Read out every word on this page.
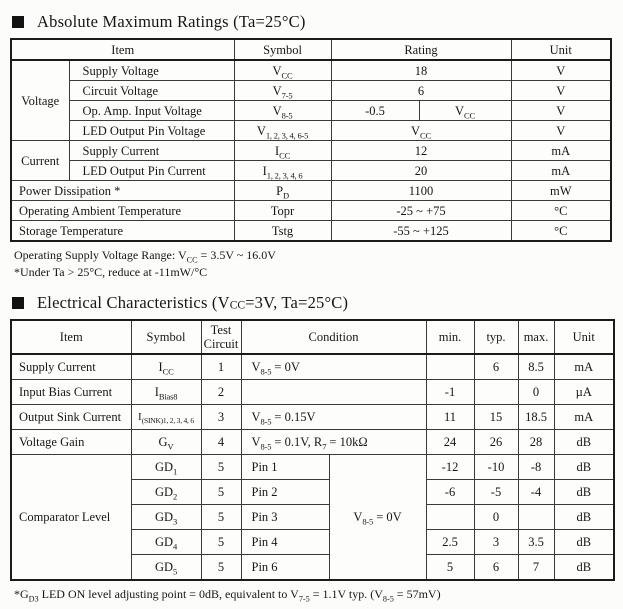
Absolute Maximum Ratings (Ta=25°C)
Item		Symbol	Rating		Unit
Voltage	Supply Voltage	$V_{CC}$	18		V
	Circuit Voltage	$V_{7-5}$	6		V
	Op. Amp. Input Voltage	$V_{8-5}$	-0.5	$V_{CC}$	V
	LED Output Pin Voltage	$V_{1, 2, 3, 4, 6-5}$	$V_{CC}$		V
Current	Supply Current	$I_{CC}$	12		mA
	LED Output Pin Current	$I_{1, 2, 3, 4, 6}$	20		mA
Power Dissipation *		$P_D$	1100		mW
Operating Ambient Temperature		Topr	-25 ~ +75		°C
Storage Temperature		Tstg	-55 ~ +125		°C
Operating Supply Voltage Range: $V_{CC} = 3.5V$ ~ 16.0V
*Under Ta > 25°C, reduce at -11mW/°C
Electrical Characteristics ($V_{CC}=3V$, Ta=25°C)
Item	Symbol	Test Circuit	Condition		min.	typ.	max.	Unit
Supply Current	$I_{CC}$	1	$V_{8-5} = 0V$			6	8.5	mA
Input Bias Current	$I_{Bias8}$	2			-1		0	µA
Output Sink Current	$I_{(SINK)1, 2, 3, 4, 6}$	3	$V_{8-5} = 0.15V$		11	15	18.5	mA
Voltage Gain	$G_V$	4	$V_{8-5} = 0.1V$, $R_7 = 10k\Omega$		24	26	28	dB
Comparator Level	$GD_1$	5	Pin 1	$V_{8-5} = 0V$	-12	-10	-8	dB
	$GD_2$	5	Pin 2		-6	-5	-4	dB
	$GD_3$	5	Pin 3			0		dB
	$GD_4$	5	Pin 4		2.5	3	3.5	dB
	$GD_5$	5	Pin 6		5	6	7	dB
$*G_{D3}$ LED ON level adjusting point = 0dB, equivalent to $V_{7-5} = 1.1V$ typ. $(V_{8-5} = 57mV)$
